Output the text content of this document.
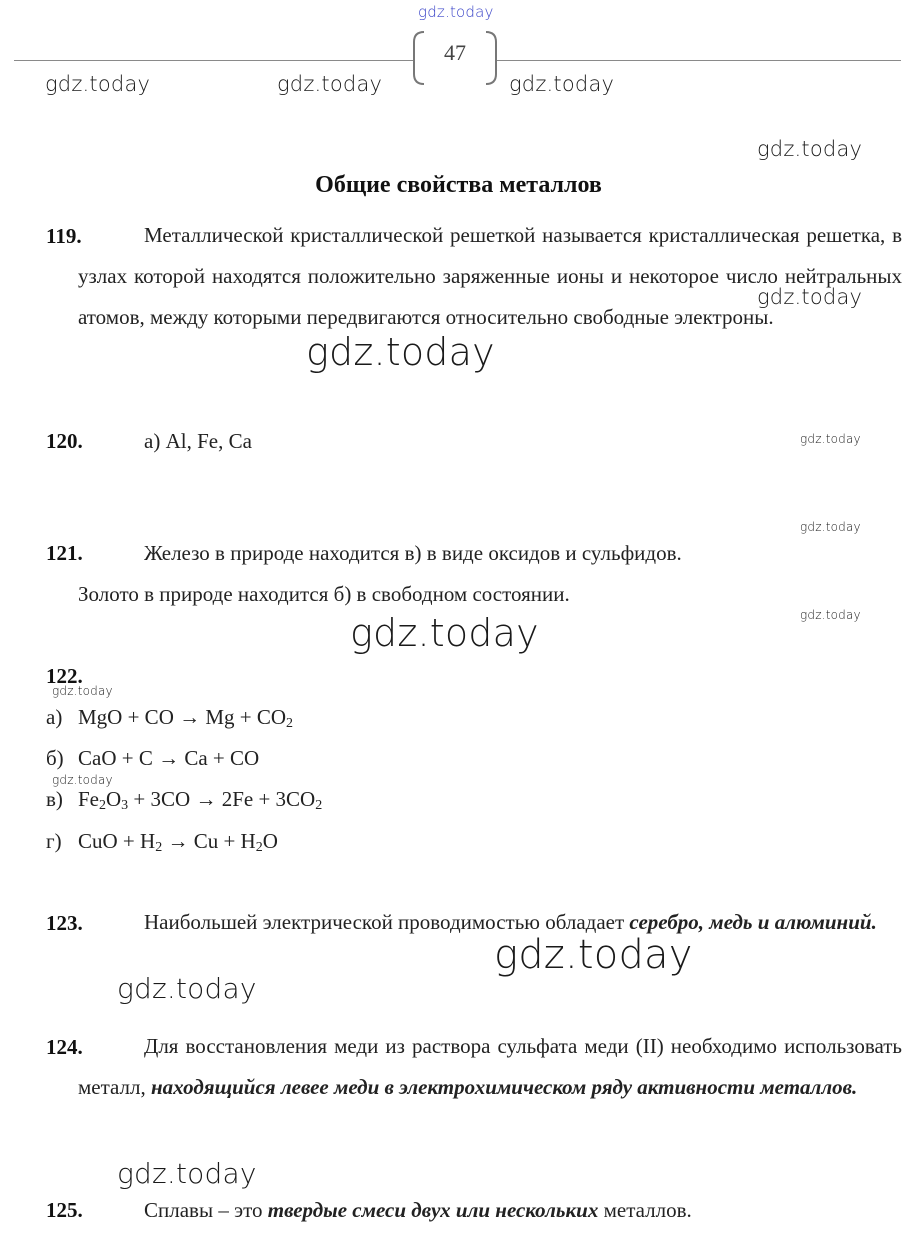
gdz.today
47
gdz.today	gdz.today	gdz.today
gdz.today
Общие свойства металлов
119.	Металлической кристаллической решеткой называется кристаллическая решетка, в узлах которой находятся положительно заряженные ионы и некоторое число нейтральных атомов, между которыми передвигаются относительно свободные электроны.
gdz.today
gdz.today
120.	а) Al, Fe, Ca	gdz.today
gdz.today
121.	Железо в природе находится в) в виде оксидов и сульфидов.
Золото в природе находится б) в свободном состоянии.
gdz.today
gdz.today
122.
gdz.today
а) MgO + CO → $Mg + CO_2$
б) CaO + C → Ca + CO
gdz.today
в) $Fe_2O_3 + 3CO \to 2Fe + 3CO_2$
г) CuO + $H_2 \to Cu + H_2O$
123.	Наибольшей электрической проводимостью обладает серебро, медь и алюминий.
gdz.today
gdz.today
124.	Для восстановления меди из раствора сульфата меди (II) необходимо использовать металл, находящийся левее меди в электрохимическом ряду активности металлов.
gdz.today
125.	Сплавы – это твердые смеси двух или нескольких металлов.
